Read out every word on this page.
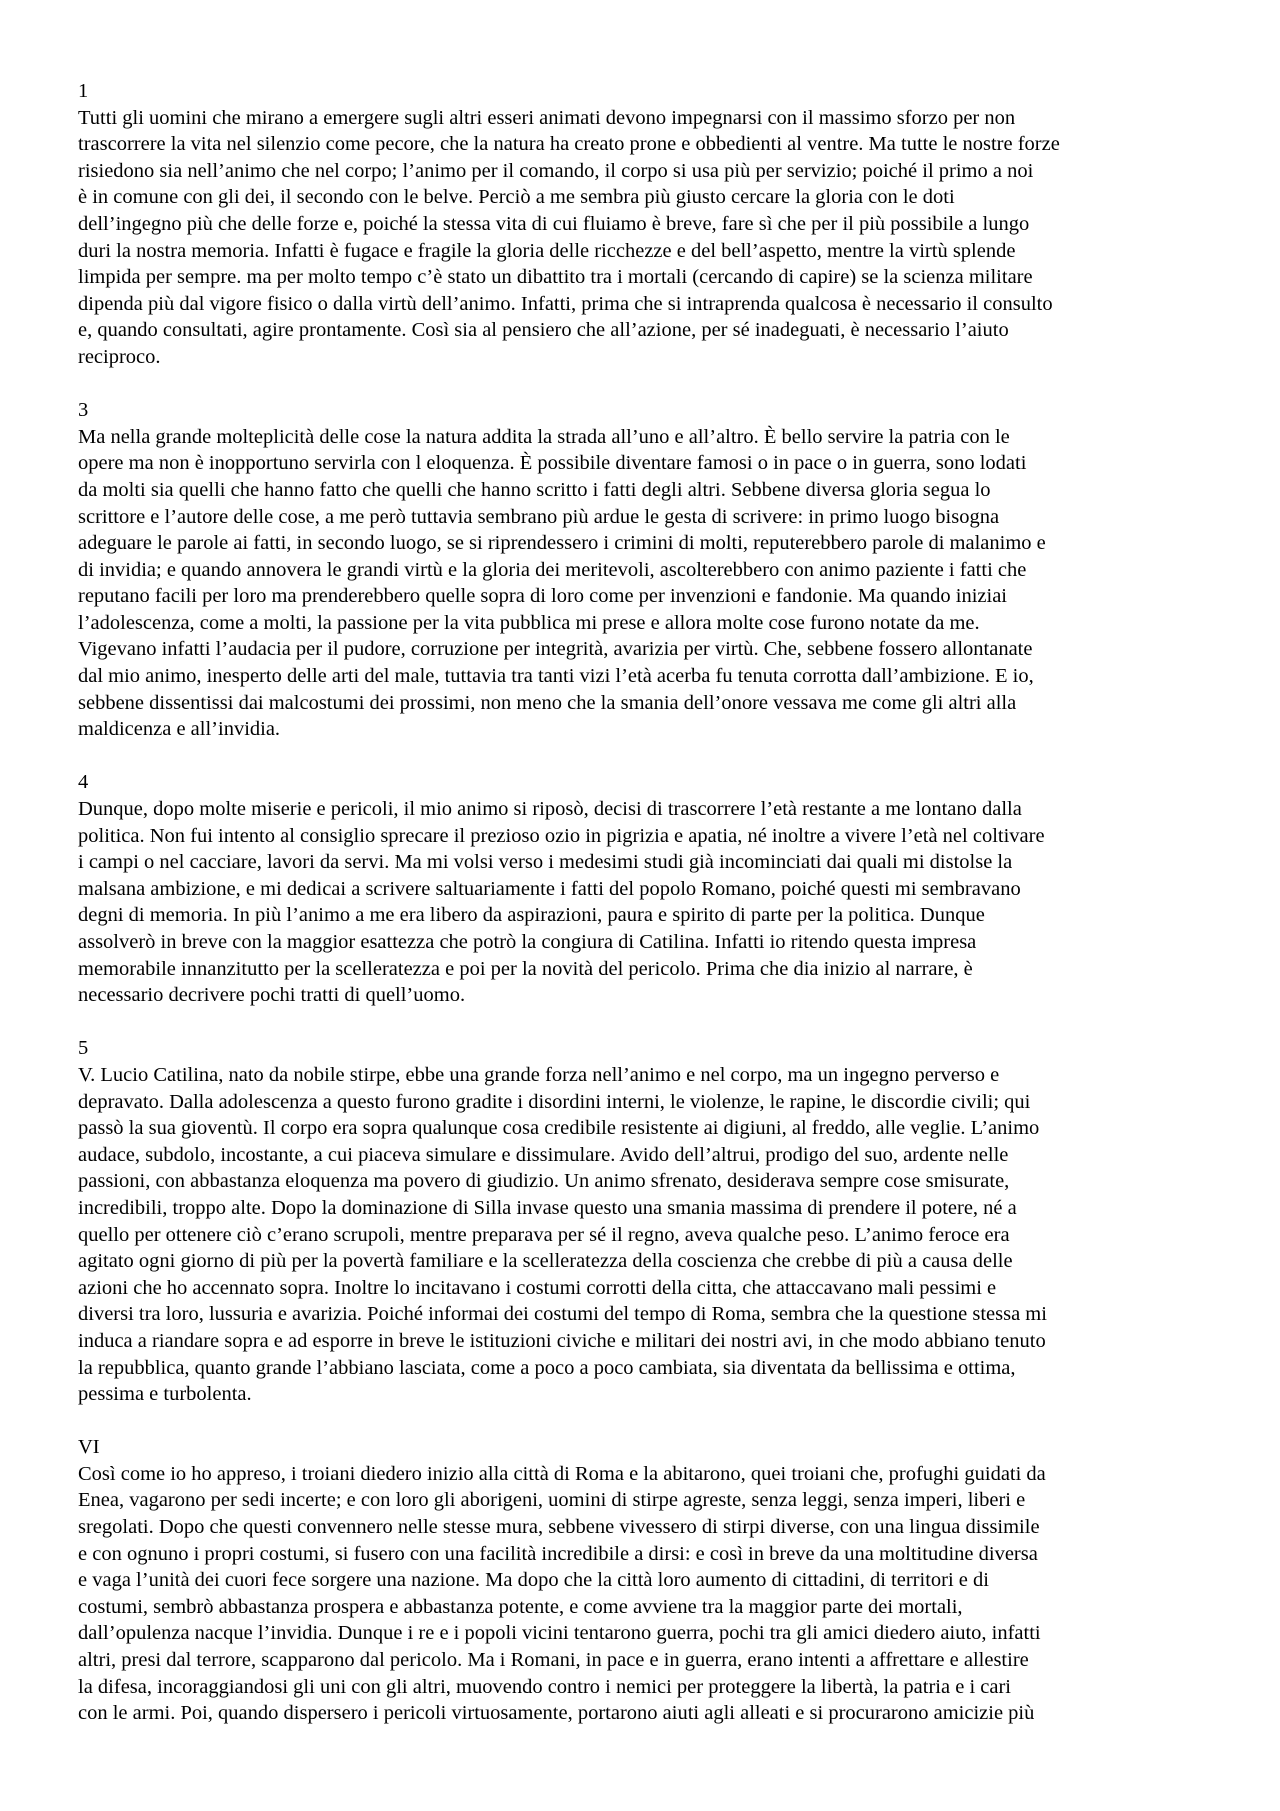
1

Tutti gli uomini che mirano a emergere sugli altri esseri animati devono impegnarsi con il massimo sforzo per non
trascorrere la vita nel silenzio come pecore, che la natura ha creato prone e obbedienti al ventre. Ma tutte le nostre forze
risiedono sia nell’animo che nel corpo; l’animo per il comando, il corpo si usa più per servizio; poiché il primo a noi
è in comune con gli dei, il secondo con le belve. Perciò a me sembra più giusto cercare la gloria con le doti
dell’ingegno più che delle forze e, poiché la stessa vita di cui fluiamo è breve, fare sì che per il più possibile a lungo
duri la nostra memoria. Infatti è fugace e fragile la gloria delle ricchezze e del bell’aspetto, mentre la virtù splende
limpida per sempre. ma per molto tempo c’è stato un dibattito tra i mortali (cercando di capire) se la scienza militare
dipenda più dal vigore fisico o dalla virtù dell’animo. Infatti, prima che si intraprenda qualcosa è necessario il consulto
e, quando consultati, agire prontamente. Così sia al pensiero che all’azione, per sé inadeguati, è necessario l’aiuto
reciproco.

3

Ma nella grande molteplicità delle cose la natura addita la strada all’uno e all’altro. È bello servire la patria con le
opere ma non è inopportuno servirla con l eloquenza. È possibile diventare famosi o in pace o in guerra, sono lodati
da molti sia quelli che hanno fatto che quelli che hanno scritto i fatti degli altri. Sebbene diversa gloria segua lo
scrittore e l’autore delle cose, a me però tuttavia sembrano più ardue le gesta di scrivere: in primo luogo bisogna
adeguare le parole ai fatti, in secondo luogo, se si riprendessero i crimini di molti, reputerebbero parole di malanimo e
di invidia; e quando annovera le grandi virtù e la gloria dei meritevoli, ascolterebbero con animo paziente i fatti che
reputano facili per loro ma prenderebbero quelle sopra di loro come per invenzioni e fandonie. Ma quando iniziai
l’adolescenza, come a molti, la passione per la vita pubblica mi prese e allora molte cose furono notate da me.
Vigevano infatti l’audacia per il pudore, corruzione per integrità, avarizia per virtù. Che, sebbene fossero allontanate
dal mio animo, inesperto delle arti del male, tuttavia tra tanti vizi l’età acerba fu tenuta corrotta dall’ambizione. E io,
sebbene dissentissi dai malcostumi dei prossimi, non meno che la smania dell’onore vessava me come gli altri alla
maldicenza e all’invidia.

4

Dunque, dopo molte miserie e pericoli, il mio animo si riposò, decisi di trascorrere l’età restante a me lontano dalla
politica. Non fui intento al consiglio sprecare il prezioso ozio in pigrizia e apatia, né inoltre a vivere l’età nel coltivare
i campi o nel cacciare, lavori da servi. Ma mi volsi verso i medesimi studi già incominciati dai quali mi distolse la
malsana ambizione, e mi dedicai a scrivere saltuariamente i fatti del popolo Romano, poiché questi mi sembravano
degni di memoria. In più l’animo a me era libero da aspirazioni, paura e spirito di parte per la politica. Dunque
assolverò in breve con la maggior esattezza che potrò la congiura di Catilina. Infatti io ritendo questa impresa
memorabile innanzitutto per la scelleratezza e poi per la novità del pericolo. Prima che dia inizio al narrare, è
necessario decrivere pochi tratti di quell’uomo.

5

V. Lucio Catilina, nato da nobile stirpe, ebbe una grande forza nell’animo e nel corpo, ma un ingegno perverso e
depravato. Dalla adolescenza a questo furono gradite i disordini interni, le violenze, le rapine, le discordie civili; qui
passò la sua gioventù. Il corpo era sopra qualunque cosa credibile resistente ai digiuni, al freddo, alle veglie. L’animo
audace, subdolo, incostante, a cui piaceva simulare e dissimulare. Avido dell’altrui, prodigo del suo, ardente nelle
passioni, con abbastanza eloquenza ma povero di giudizio. Un animo sfrenato, desiderava sempre cose smisurate,
incredibili, troppo alte. Dopo la dominazione di Silla invase questo una smania massima di prendere il potere, né a
quello per ottenere ciò c’erano scrupoli, mentre preparava per sé il regno, aveva qualche peso. L’animo feroce era
agitato ogni giorno di più per la povertà familiare e la scelleratezza della coscienza che crebbe di più a causa delle
azioni che ho accennato sopra. Inoltre lo incitavano i costumi corrotti della citta, che attaccavano mali pessimi e
diversi tra loro, lussuria e avarizia. Poiché informai dei costumi del tempo di Roma, sembra che la questione stessa mi
induca a riandare sopra e ad esporre in breve le istituzioni civiche e militari dei nostri avi, in che modo abbiano tenuto
la repubblica, quanto grande l’abbiano lasciata, come a poco a poco cambiata, sia diventata da bellissima e ottima,
pessima e turbolenta.

VI

Così come io ho appreso, i troiani diedero inizio alla città di Roma e la abitarono, quei troiani che, profughi guidati da
Enea, vagarono per sedi incerte; e con loro gli aborigeni, uomini di stirpe agreste, senza leggi, senza imperi, liberi e
sregolati. Dopo che questi convennero nelle stesse mura, sebbene vivessero di stirpi diverse, con una lingua dissimile
e con ognuno i propri costumi, si fusero con una facilità incredibile a dirsi: e così in breve da una moltitudine diversa
e vaga l’unità dei cuori fece sorgere una nazione. Ma dopo che la città loro aumento di cittadini, di territori e di
costumi, sembrò abbastanza prospera e abbastanza potente, e come avviene tra la maggior parte dei mortali,
dall’opulenza nacque l’invidia. Dunque i re e i popoli vicini tentarono guerra, pochi tra gli amici diedero aiuto, infatti
altri, presi dal terrore, scapparono dal pericolo. Ma i Romani, in pace e in guerra, erano intenti a affrettare e allestire
la difesa, incoraggiandosi gli uni con gli altri, muovendo contro i nemici per proteggere la libertà, la patria e i cari
con le armi. Poi, quando dispersero i pericoli virtuosamente, portarono aiuti agli alleati e si procurarono amicizie più
